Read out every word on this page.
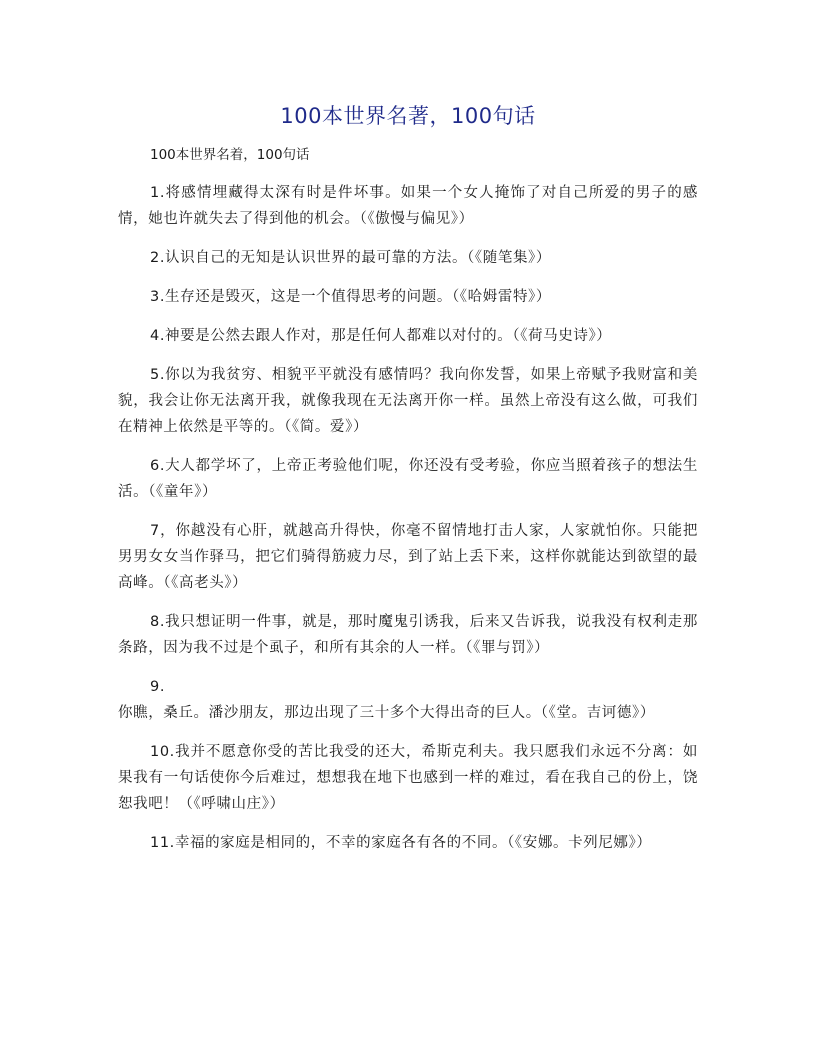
100本世界名著，100句话

100本世界名着，100句话

1.将感情埋藏得太深有时是件坏事。如果一个女人掩饰了对自己所爱的男子的感情，她也许就失去了得到他的机会。（《傲慢与偏见》）

2.认识自己的无知是认识世界的最可靠的方法。（《随笔集》）

3.生存还是毁灭，这是一个值得思考的问题。（《哈姆雷特》）

4.神要是公然去跟人作对，那是任何人都难以对付的。（《荷马史诗》）

5.你以为我贫穷、相貌平平就没有感情吗？我向你发誓，如果上帝赋予我财富和美貌，我会让你无法离开我，就像我现在无法离开你一样。虽然上帝没有这么做，可我们在精神上依然是平等的。（《简。爱》）

6.大人都学坏了，上帝正考验他们呢，你还没有受考验，你应当照着孩子的想法生活。（《童年》）

7，你越没有心肝，就越高升得快，你毫不留情地打击人家，人家就怕你。只能把男男女女当作驿马，把它们骑得筋疲力尽，到了站上丢下来，这样你就能达到欲望的最高峰。（《高老头》）

8.我只想证明一件事，就是，那时魔鬼引诱我，后来又告诉我，说我没有权利走那条路，因为我不过是个虱子，和所有其余的人一样。（《罪与罚》）

9.你瞧，桑丘。潘沙朋友，那边出现了三十多个大得出奇的巨人。（《堂。吉诃德》）

10.我并不愿意你受的苦比我受的还大，希斯克利夫。我只愿我们永远不分离：如果我有一句话使你今后难过，想想我在地下也感到一样的难过，看在我自己的份上，饶恕我吧！（《呼啸山庄》）

11.幸福的家庭是相同的，不幸的家庭各有各的不同。（《安娜。卡列尼娜》）
